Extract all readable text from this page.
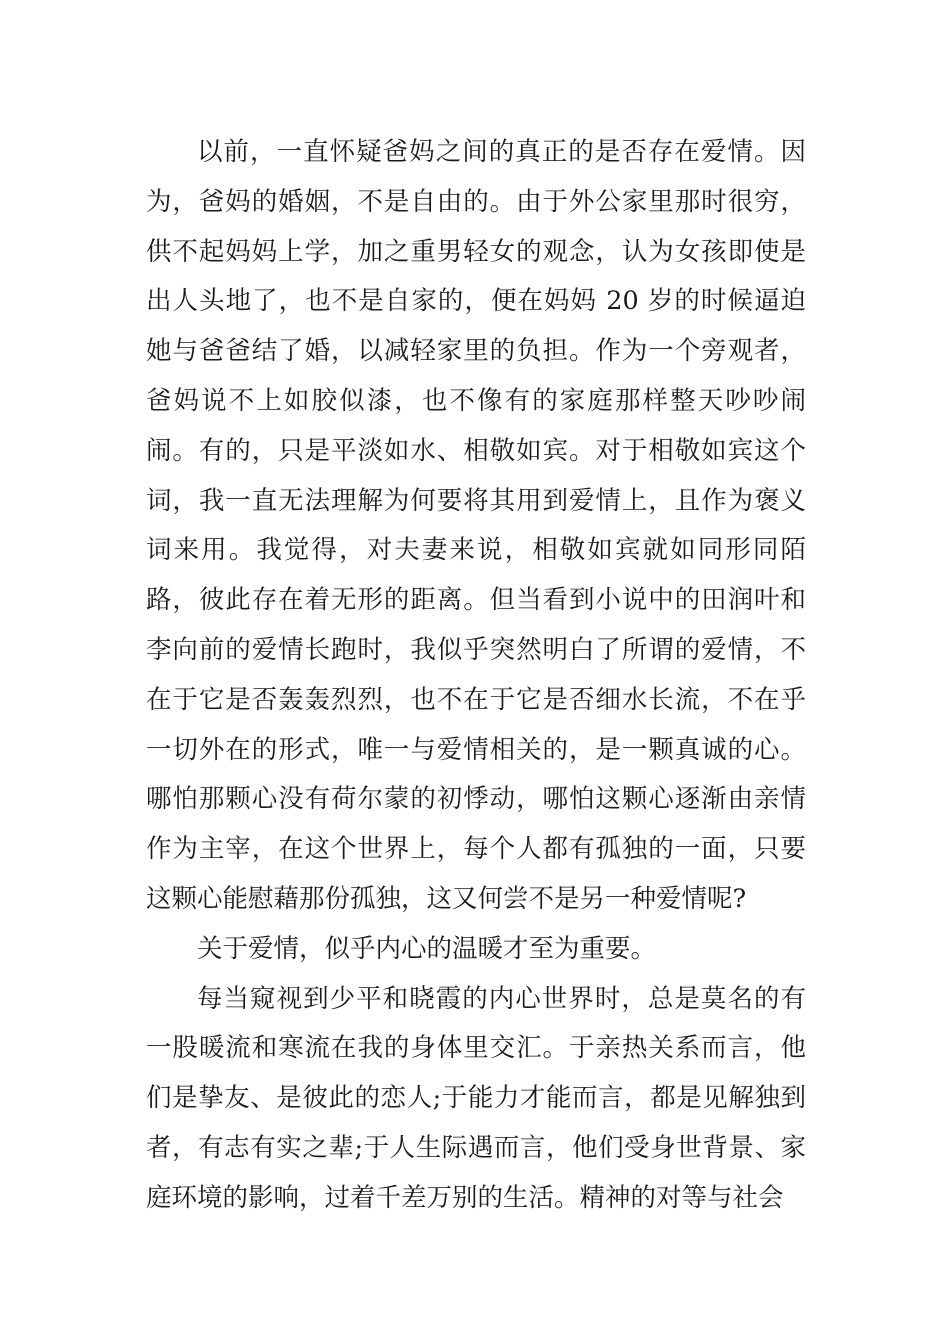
以前，一直怀疑爸妈之间的真正的是否存在爱情。因为，爸妈的婚姻，不是自由的。由于外公家里那时很穷，供不起妈妈上学，加之重男轻女的观念，认为女孩即使是出人头地了，也不是自家的，便在妈妈 20 岁的时候逼迫她与爸爸结了婚，以减轻家里的负担。作为一个旁观者，爸妈说不上如胶似漆，也不像有的家庭那样整天吵吵闹闹。有的，只是平淡如水、相敬如宾。对于相敬如宾这个词，我一直无法理解为何要将其用到爱情上，且作为褒义词来用。我觉得，对夫妻来说，相敬如宾就如同形同陌路，彼此存在着无形的距离。但当看到小说中的田润叶和李向前的爱情长跑时，我似乎突然明白了所谓的爱情，不在于它是否轰轰烈烈，也不在于它是否细水长流，不在乎一切外在的形式，唯一与爱情相关的，是一颗真诚的心。哪怕那颗心没有荷尔蒙的初悸动，哪怕这颗心逐渐由亲情作为主宰，在这个世界上，每个人都有孤独的一面，只要这颗心能慰藉那份孤独，这又何尝不是另一种爱情呢?

关于爱情，似乎内心的温暖才至为重要。

每当窥视到少平和晓霞的内心世界时，总是莫名的有一股暖流和寒流在我的身体里交汇。于亲热关系而言，他们是挚友、是彼此的恋人;于能力才能而言，都是见解独到者，有志有实之辈;于人生际遇而言，他们受身世背景、家庭环境的影响，过着千差万别的生活。精神的对等与社会
